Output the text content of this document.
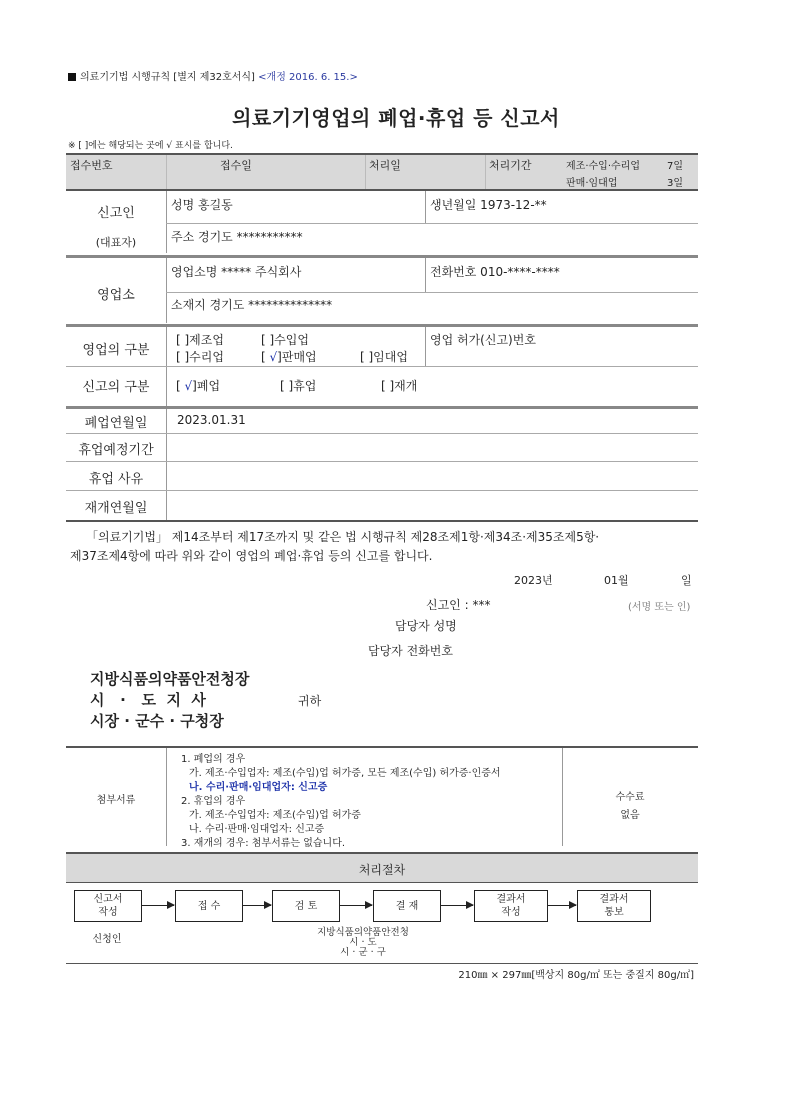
의료기기법 시행규칙 [별지 제32호서식] <개정 2016. 6. 15.>
의료기기영업의 폐업·휴업 등 신고서
※ [ ]에는 해당되는 곳에 √ 표시를 합니다.
접수번호	접수일	처리일	처리기간	제조·수입·수리업	7일
판매·임대업	3일
신고인
(대표자)
성명 홍길동	생년월일 1973-12-**
주소 경기도 ***********
영업소
영업소명 ***** 주식회사	전화번호 010-****-****
소재지 경기도 **************
영업의 구분
[ ]제조업	[ ]수입업
[ ]수리업	[ √]판매업	[ ]임대업
영업 허가(신고)번호
신고의 구분	[ √]폐업	[ ]휴업	[ ]재개
폐업연월일	2023.01.31
휴업예정기간
휴업 사유
재개연월일
「의료기기법」 제14조부터 제17조까지 및 같은 법 시행규칙 제28조제1항·제34조·제35조제5항·
제37조제4항에 따라 위와 같이 영업의 폐업·휴업 등의 신고를 합니다.
2023년	01월	일
신고인 : ***	(서명 또는 인)
담당자 성명
담당자 전화번호
지방식품의약품안전청장
시   ·   도  지  사
시장 · 군수 · 구청장
귀하
첨부서류
1. 폐업의 경우
가. 제조·수입업자: 제조(수입)업 허가증, 모든 제조(수입) 허가증·인증서
나. 수리·판매·임대업자: 신고증
2. 휴업의 경우
가. 제조·수입업자: 제조(수입)업 허가증
나. 수리·판매·임대업자: 신고증
3. 재개의 경우: 첨부서류는 없습니다.
수수료
없음
처리절차
신고서
작성
접 수	검 토	결 재
결과서
작성
결과서
통보
신청인
지방식품의약품안전청
시 · 도
시 · 군 · 구
210㎜ × 297㎜[백상지 80g/㎡ 또는 중질지 80g/㎡]
